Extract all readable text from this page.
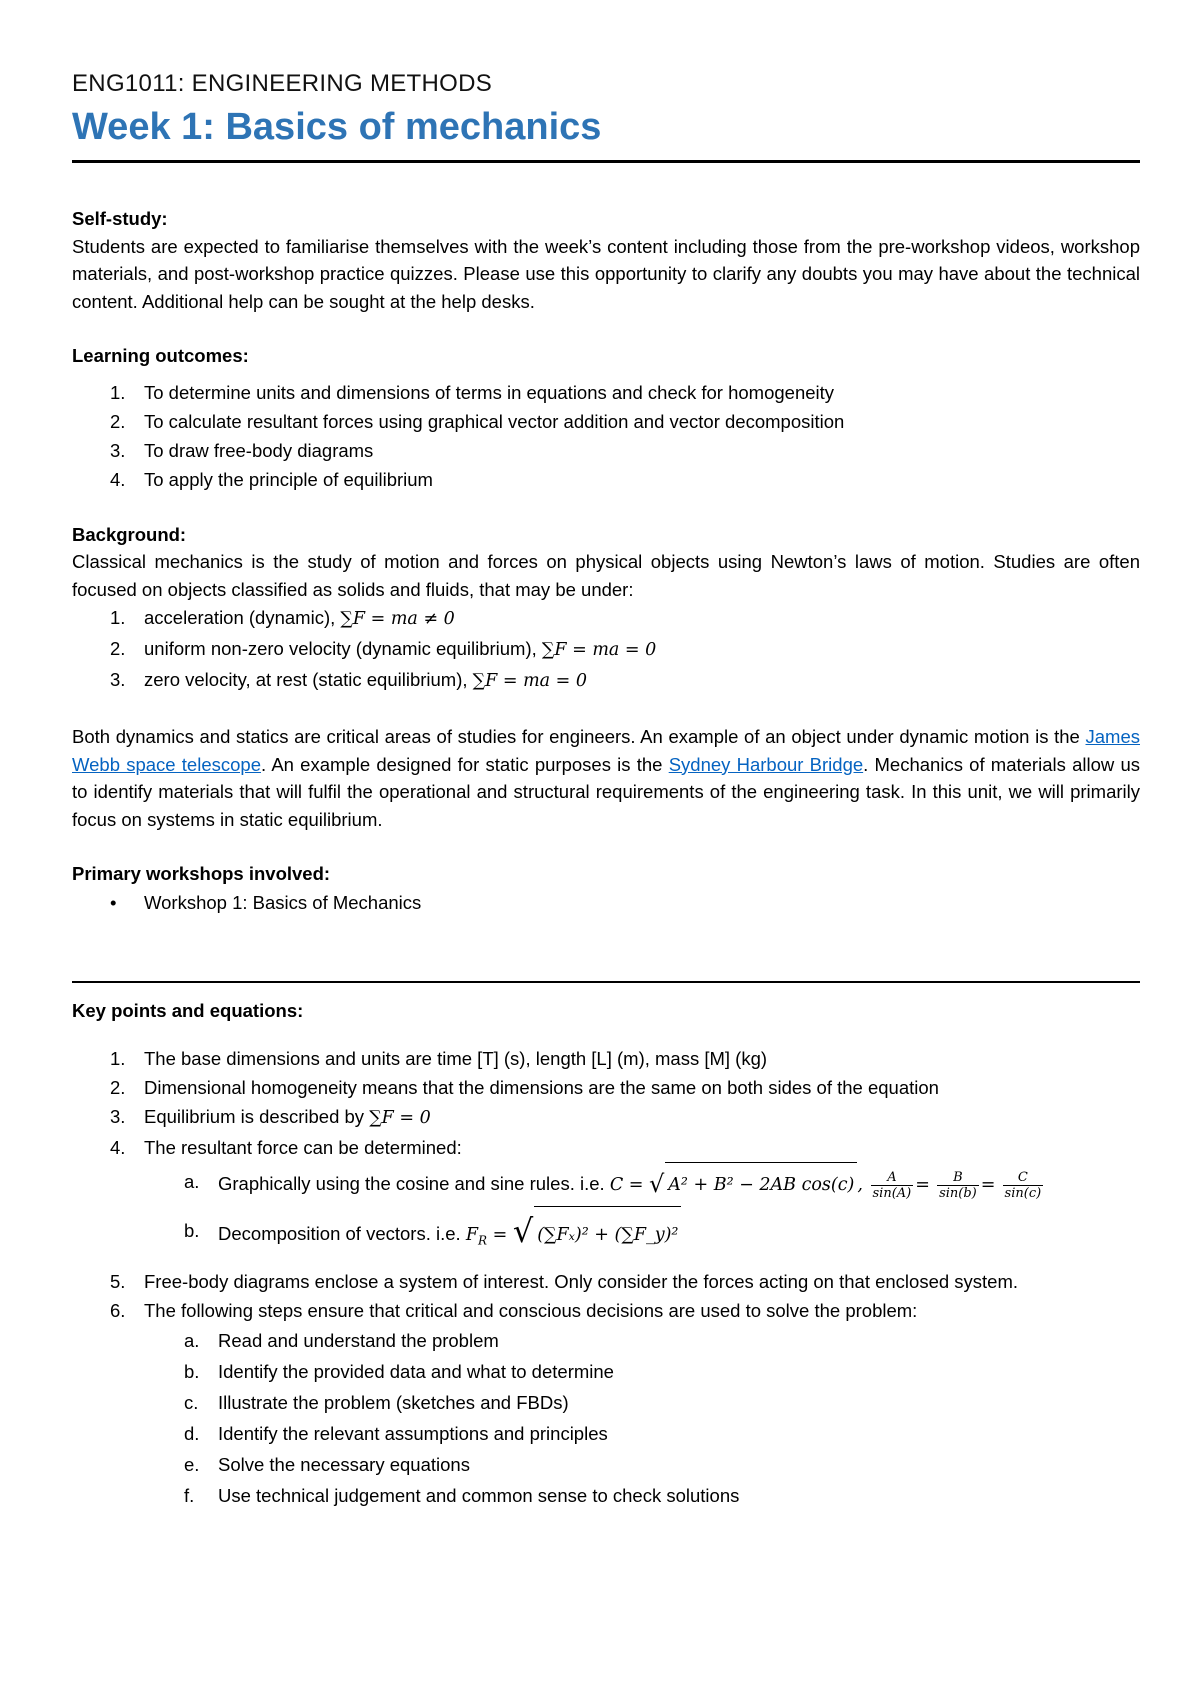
ENG1011: ENGINEERING METHODS

Week 1: Basics of mechanics

Self-study:

Students are expected to familiarise themselves with the week’s content including those from the pre-workshop videos, workshop materials, and post-workshop practice quizzes. Please use this opportunity to clarify any doubts you may have about the technical content. Additional help can be sought at the help desks.

Learning outcomes:

1.	To determine units and dimensions of terms in equations and check for homogeneity
2.	To calculate resultant forces using graphical vector addition and vector decomposition
3.	To draw free-body diagrams
4.	To apply the principle of equilibrium

Background:

Classical mechanics is the study of motion and forces on physical objects using Newton’s laws of motion. Studies are often focused on objects classified as solids and fluids, that may be under:

1.	acceleration (dynamic), ∑F = ma ≠ 0
2.	uniform non-zero velocity (dynamic equilibrium), ∑F = ma = 0
3.	zero velocity, at rest (static equilibrium), ∑F = ma = 0

Both dynamics and statics are critical areas of studies for engineers. An example of an object under dynamic motion is the James Webb space telescope. An example designed for static purposes is the Sydney Harbour Bridge. Mechanics of materials allow us to identify materials that will fulfil the operational and structural requirements of the engineering task. In this unit, we will primarily focus on systems in static equilibrium.

Primary workshops involved:

•	Workshop 1: Basics of Mechanics

Key points and equations:

1.	The base dimensions and units are time [T] (s), length [L] (m), mass [M] (kg)
2.	Dimensional homogeneity means that the dimensions are the same on both sides of the equation
3.	Equilibrium is described by ∑F = 0
4.	The resultant force can be determined:
a. Graphically using the cosine and sine rules. i.e. C = √ A² + B² − 2AB cos(c) , $\frac{A}{\sin(A)} = \frac{B}{\sin(b)} = \frac{C}{\sin(c)}$
b. Decomposition of vectors. i.e. $F_R$ = √ (∑Fₓ)² + (∑F_y)²
5.	Free-body diagrams enclose a system of interest. Only consider the forces acting on that enclosed system.
6.	The following steps ensure that critical and conscious decisions are used to solve the problem:
a. Read and understand the problem
b. Identify the provided data and what to determine
c. Illustrate the problem (sketches and FBDs)
d. Identify the relevant assumptions and principles
e. Solve the necessary equations
f. Use technical judgement and common sense to check solutions
